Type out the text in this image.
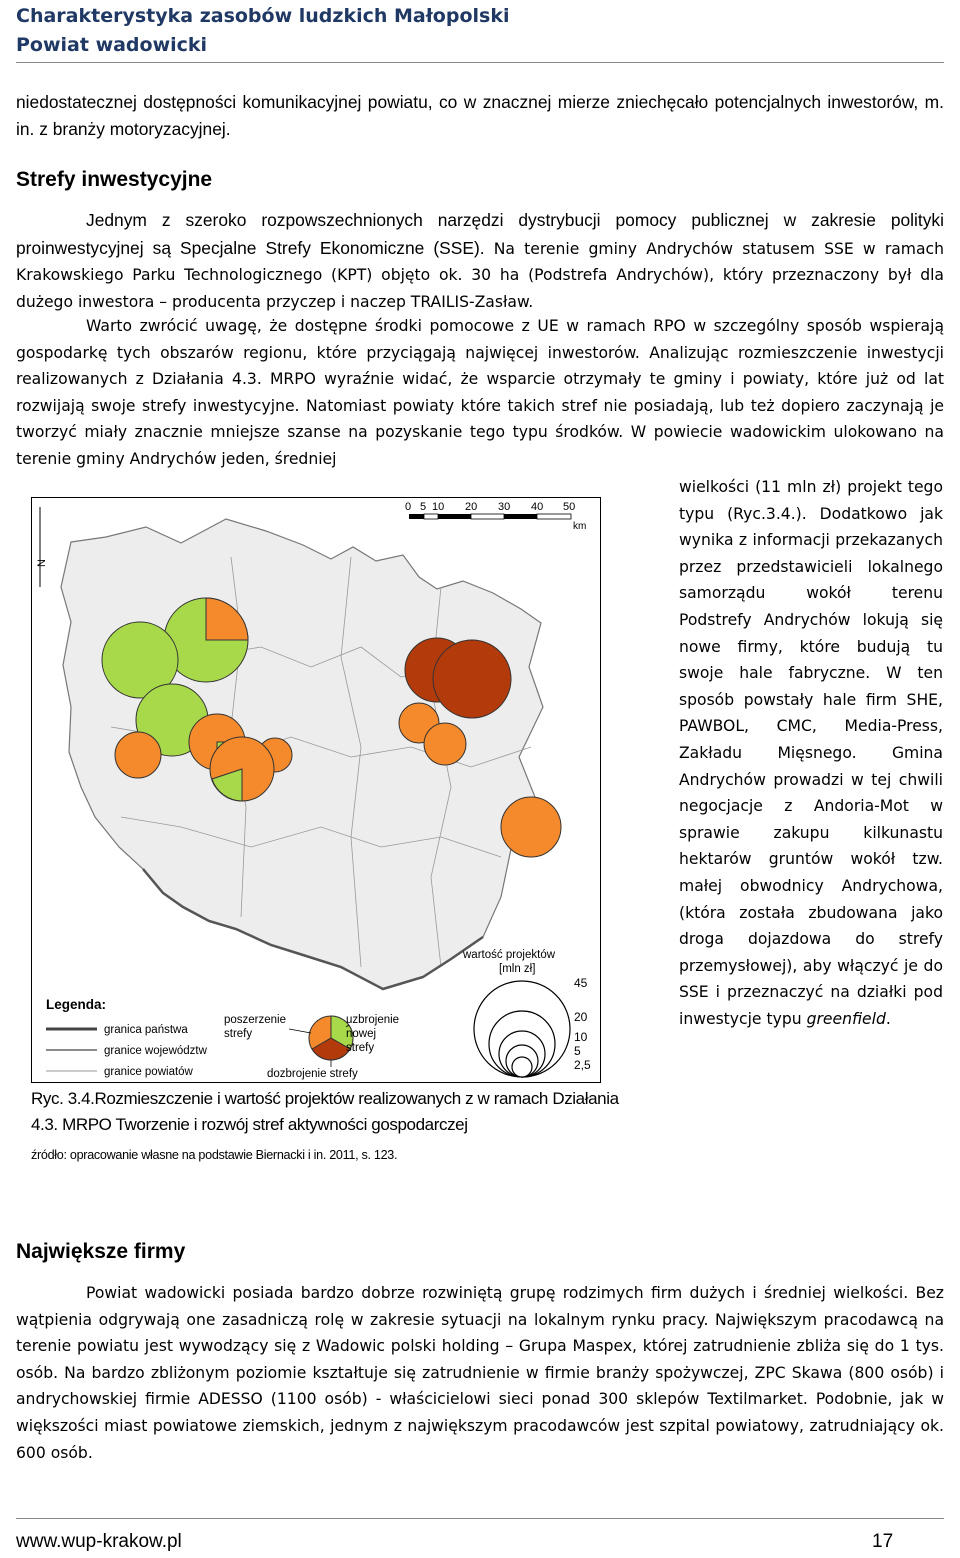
Charakterystyka zasobów ludzkich Małopolski
Powiat wadowicki

niedostatecznej dostępności komunikacyjnej powiatu, co w znacznej mierze zniechęcało potencjalnych inwestorów, m. in. z branży motoryzacyjnej.

Strefy inwestycyjne

Jednym z szeroko rozpowszechnionych narzędzi dystrybucji pomocy publicznej w zakresie polityki proinwestycyjnej są Specjalne Strefy Ekonomiczne (SSE). Na terenie gminy Andrychów statusem SSE w ramach Krakowskiego Parku Technologicznego (KPT) objęto ok. 30 ha (Podstrefa Andrychów), który przeznaczony był dla dużego inwestora – producenta przyczep i naczep TRAILIS-Zasław.

Warto zwrócić uwagę, że dostępne środki pomocowe z UE w ramach RPO w szczególny sposób wspierają gospodarkę tych obszarów regionu, które przyciągają najwięcej inwestorów. Analizując rozmieszczenie inwestycji realizowanych z Działania 4.3. MRPO wyraźnie widać, że wsparcie otrzymały te gminy i powiaty, które już od lat rozwijają swoje strefy inwestycyjne. Natomiast powiaty które takich stref nie posiadają, lub też dopiero zaczynają je tworzyć miały znacznie mniejsze szanse na pozyskanie tego typu środków. W powiecie wadowickim ulokowano na terenie gminy Andrychów jeden, średniej

wielkości (11 mln zł) projekt tego typu (Ryc.3.4.). Dodatkowo jak wynika z informacji przekazanych przez przedstawicieli lokalnego samorządu wokół terenu Podstrefy Andrychów lokują się nowe firmy, które budują tu swoje hale fabryczne. W ten sposób powstały hale firm SHE, PAWBOL, CMC, Media-Press, Zakładu Mięsnego. Gmina Andrychów prowadzi w tej chwili negocjacje z Andoria-Mot w sprawie zakupu kilkunastu hektarów gruntów wokół tzw. małej obwodnicy Andrychowa, (która została zbudowana jako droga dojazdowa do strefy przemysłowej), aby włączyć je do SSE i przeznaczyć na działki pod inwestycje typu greenfield.

N
0 5 10 20 30 40 50
km
wartość projektów
[mln zł]
45
20
10
5
2,5
Legenda:
granica państwa
granice województw
granice powiatów
poszerzenie
strefy
uzbrojenie
nowej
strefy
dozbrojenie strefy
Ryc. 3.4.Rozmieszczenie i wartość projektów realizowanych z w ramach Działania 4.3. MRPO Tworzenie i rozwój stref aktywności gospodarczej
źródło: opracowanie własne na podstawie Biernacki i in. 2011, s. 123.
Największe firmy

Powiat wadowicki posiada bardzo dobrze rozwiniętą grupę rodzimych firm dużych i średniej wielkości. Bez wątpienia odgrywają one zasadniczą rolę w zakresie sytuacji na lokalnym rynku pracy. Największym pracodawcą na terenie powiatu jest wywodzący się z Wadowic polski holding – Grupa Maspex, której zatrudnienie zbliża się do 1 tys. osób. Na bardzo zbliżonym poziomie kształtuje się zatrudnienie w firmie branży spożywczej, ZPC Skawa (800 osób) i andrychowskiej firmie ADESSO (1100 osób) - właścicielowi sieci ponad 300 sklepów Textilmarket. Podobnie, jak w większości miast powiatowe ziemskich, jednym z największym pracodawców jest szpital powiatowy, zatrudniający ok. 600 osób.

www.wup-krakow.pl	17
